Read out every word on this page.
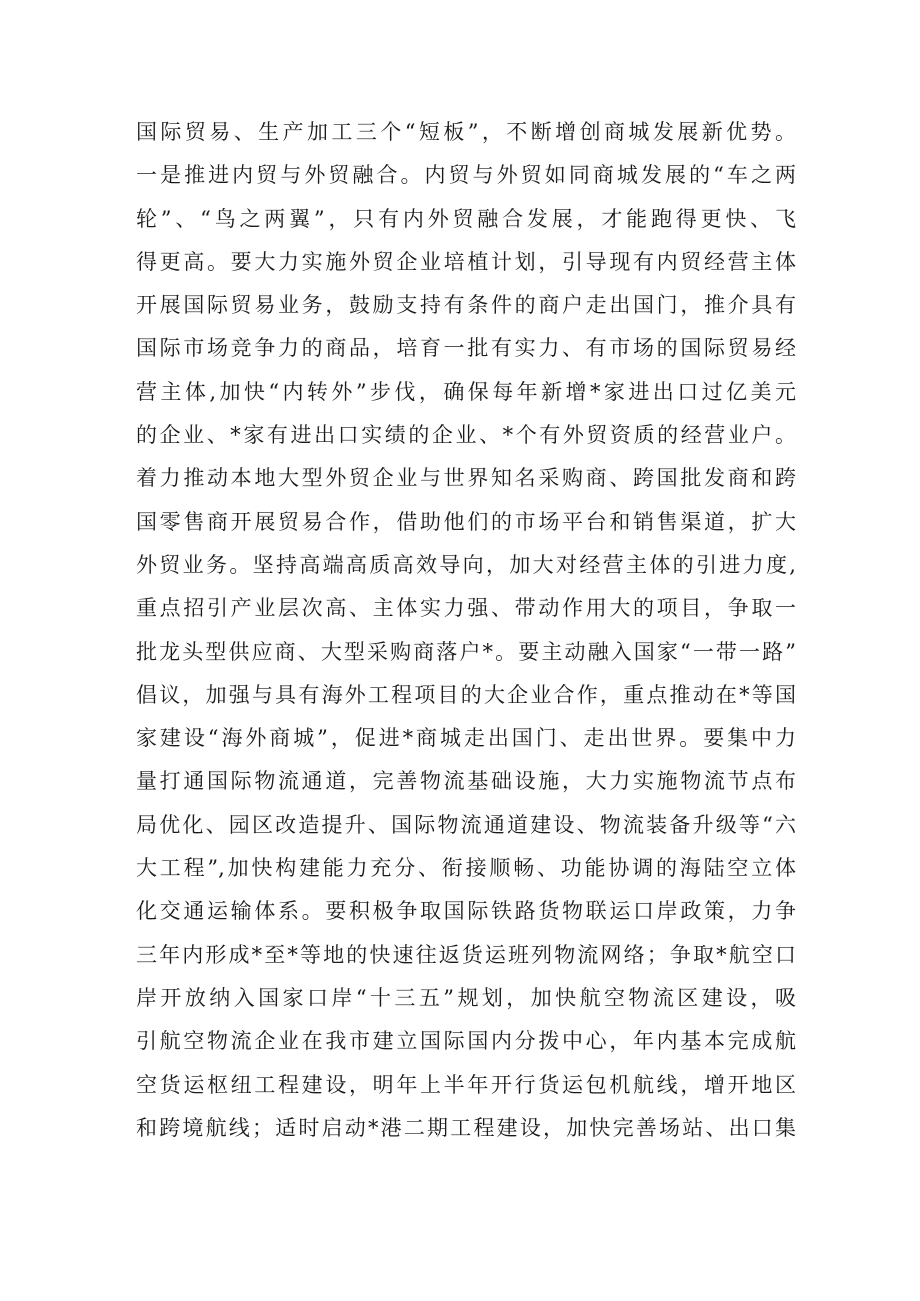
国际贸易、生产加工三个“短板”，不断增创商城发展新优势。
一是推进内贸与外贸融合。内贸与外贸如同商城发展的“车之两
轮”、“鸟之两翼”，只有内外贸融合发展，才能跑得更快、飞
得更高。要大力实施外贸企业培植计划，引导现有内贸经营主体
开展国际贸易业务，鼓励支持有条件的商户走出国门，推介具有
国际市场竞争力的商品，培育一批有实力、有市场的国际贸易经
营主体,加快“内转外”步伐，确保每年新增*家进出口过亿美元
的企业、*家有进出口实绩的企业、*个有外贸资质的经营业户。
着力推动本地大型外贸企业与世界知名采购商、跨国批发商和跨
国零售商开展贸易合作，借助他们的市场平台和销售渠道，扩大
外贸业务。坚持高端高质高效导向，加大对经营主体的引进力度,
重点招引产业层次高、主体实力强、带动作用大的项目，争取一
批龙头型供应商、大型采购商落户*。要主动融入国家“一带一路”
倡议，加强与具有海外工程项目的大企业合作，重点推动在*等国
家建设“海外商城”，促进*商城走出国门、走出世界。要集中力
量打通国际物流通道，完善物流基础设施，大力实施物流节点布
局优化、园区改造提升、国际物流通道建设、物流装备升级等“六
大工程”,加快构建能力充分、衔接顺畅、功能协调的海陆空立体
化交通运输体系。要积极争取国际铁路货物联运口岸政策，力争
三年内形成*至*等地的快速往返货运班列物流网络；争取*航空口
岸开放纳入国家口岸“十三五”规划，加快航空物流区建设，吸
引航空物流企业在我市建立国际国内分拨中心，年内基本完成航
空货运枢纽工程建设，明年上半年开行货运包机航线，增开地区
和跨境航线；适时启动*港二期工程建设，加快完善场站、出口集
